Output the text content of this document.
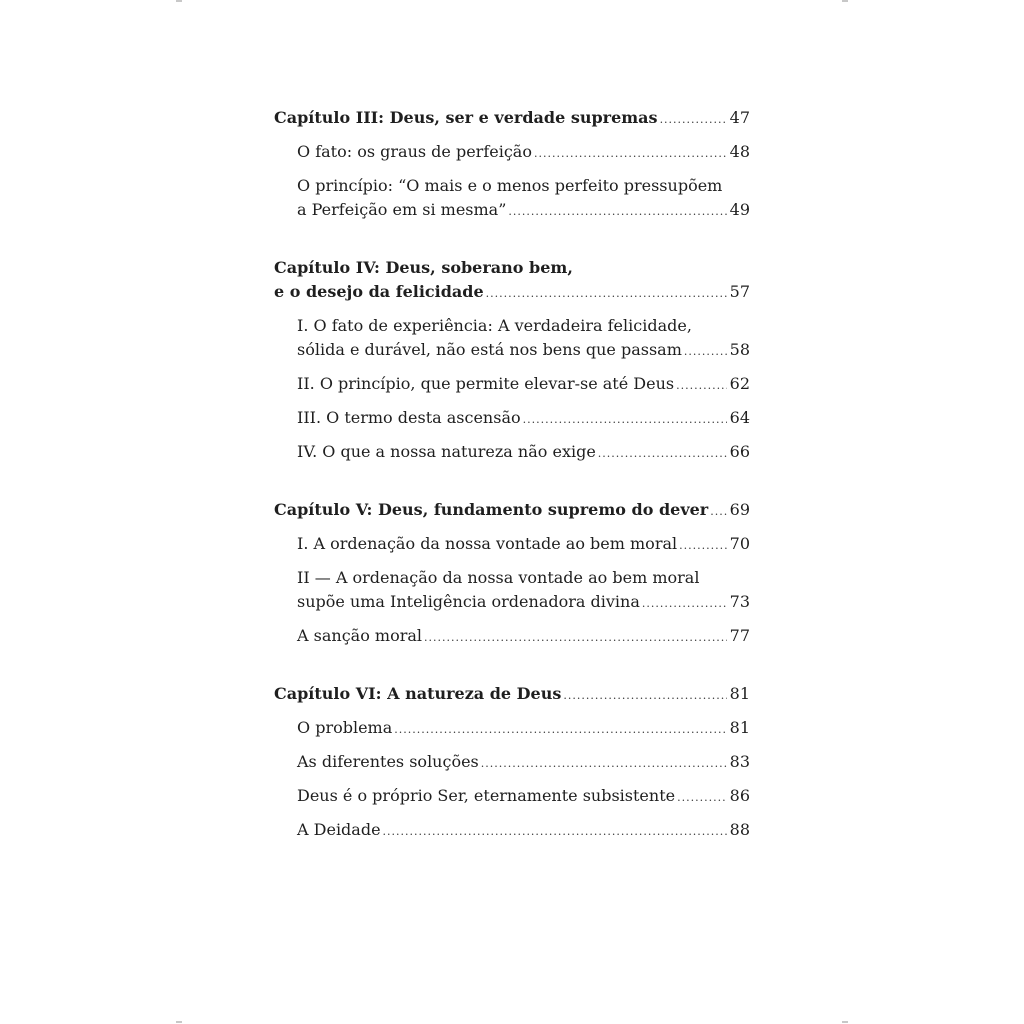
Capítulo III: Deus, ser e verdade supremas .....	47
O fato: os graus de perfeição .....	48
O princípio: “O mais e o menos perfeito pressupõem
a Perfeição em si mesma” .....	49
Capítulo IV: Deus, soberano bem,
e o desejo da felicidade .....	57
I. O fato de experiência: A verdadeira felicidade,
sólida e durável, não está nos bens que passam .....	58
II. O princípio, que permite elevar-se até Deus .....	62
III. O termo desta ascensão .....	64
IV. O que a nossa natureza não exige .....	66
Capítulo V: Deus, fundamento supremo do dever ..... 69
I. A ordenação da nossa vontade ao bem moral .....	70
II — A ordenação da nossa vontade ao bem moral
supõe uma Inteligência ordenadora divina .....	73
A sanção moral .....	77
Capítulo VI: A natureza de Deus .....	81
O problema .....	81
As diferentes soluções .....	83
Deus é o próprio Ser, eternamente subsistente .....	86
A Deidade .....	88
